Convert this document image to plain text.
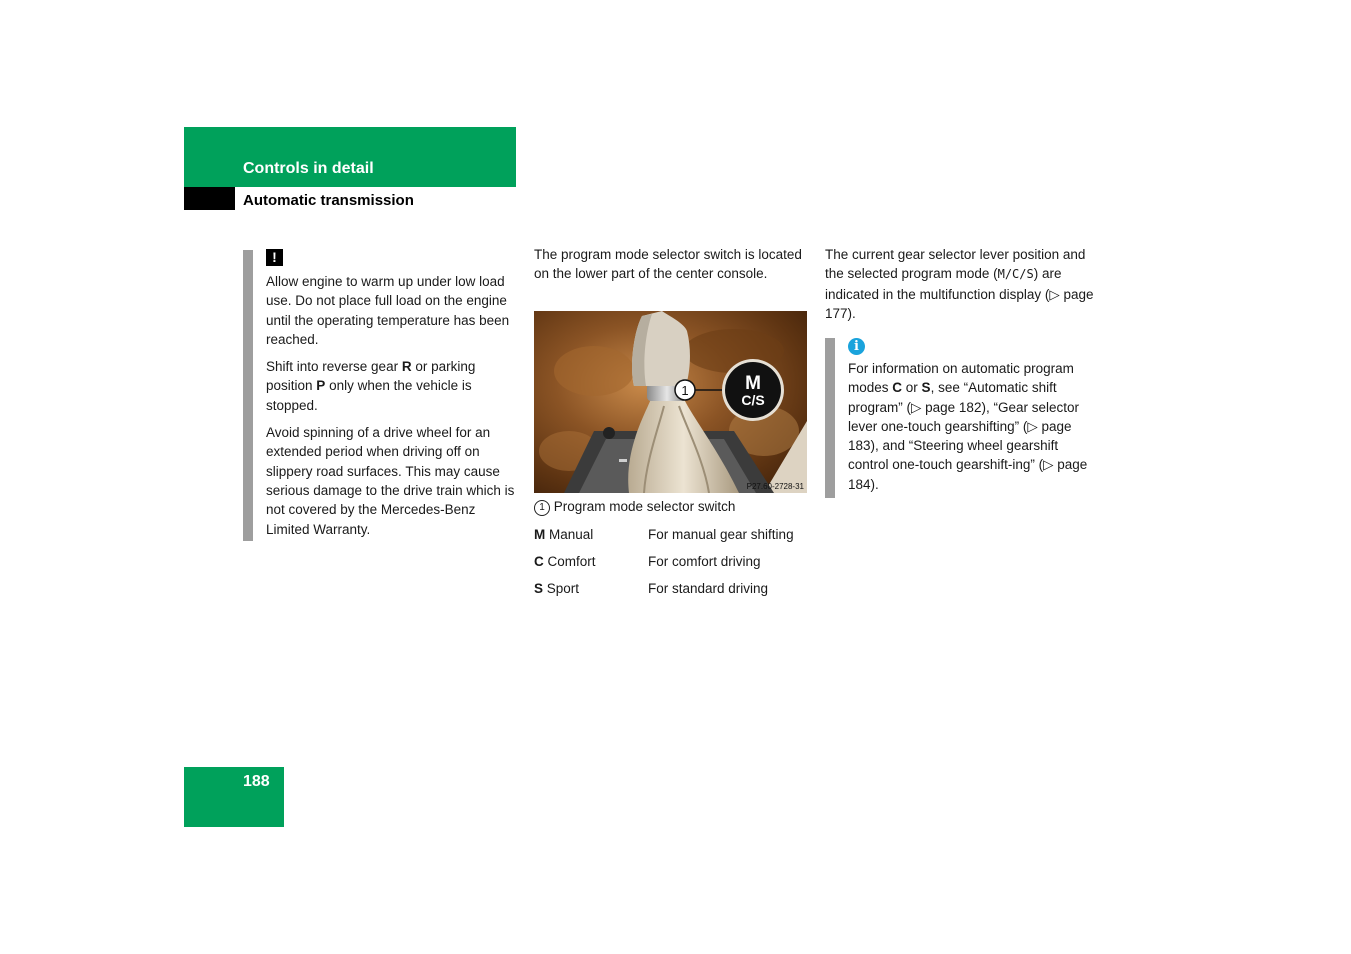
Controls in detail
Automatic transmission
!

Allow engine to warm up under low load use. Do not place full load on the engine until the operating temperature has been reached.

Shift into reverse gear R or parking position P only when the vehicle is stopped.

Avoid spinning of a drive wheel for an extended period when driving off on slippery road surfaces. This may cause serious damage to the drive train which is not covered by the Mercedes-Benz Limited Warranty.

The program mode selector switch is located on the lower part of the center console.
1	M
C/S
P27.60-2728-31
1 Program mode selector switch
M Manual	For manual gear shifting
C Comfort	For comfort driving
S Sport	For standard driving
The current gear selector lever position and the selected program mode (M/C/S) are indicated in the multifunction display (▷ page 177).
i

For information on automatic program modes C or S, see “Automatic shift program” (▷ page 182), “Gear selector lever one-touch gearshifting” (▷ page 183), and “Steering wheel gearshift control one-touch gearshift-ing” (▷ page 184).

188
